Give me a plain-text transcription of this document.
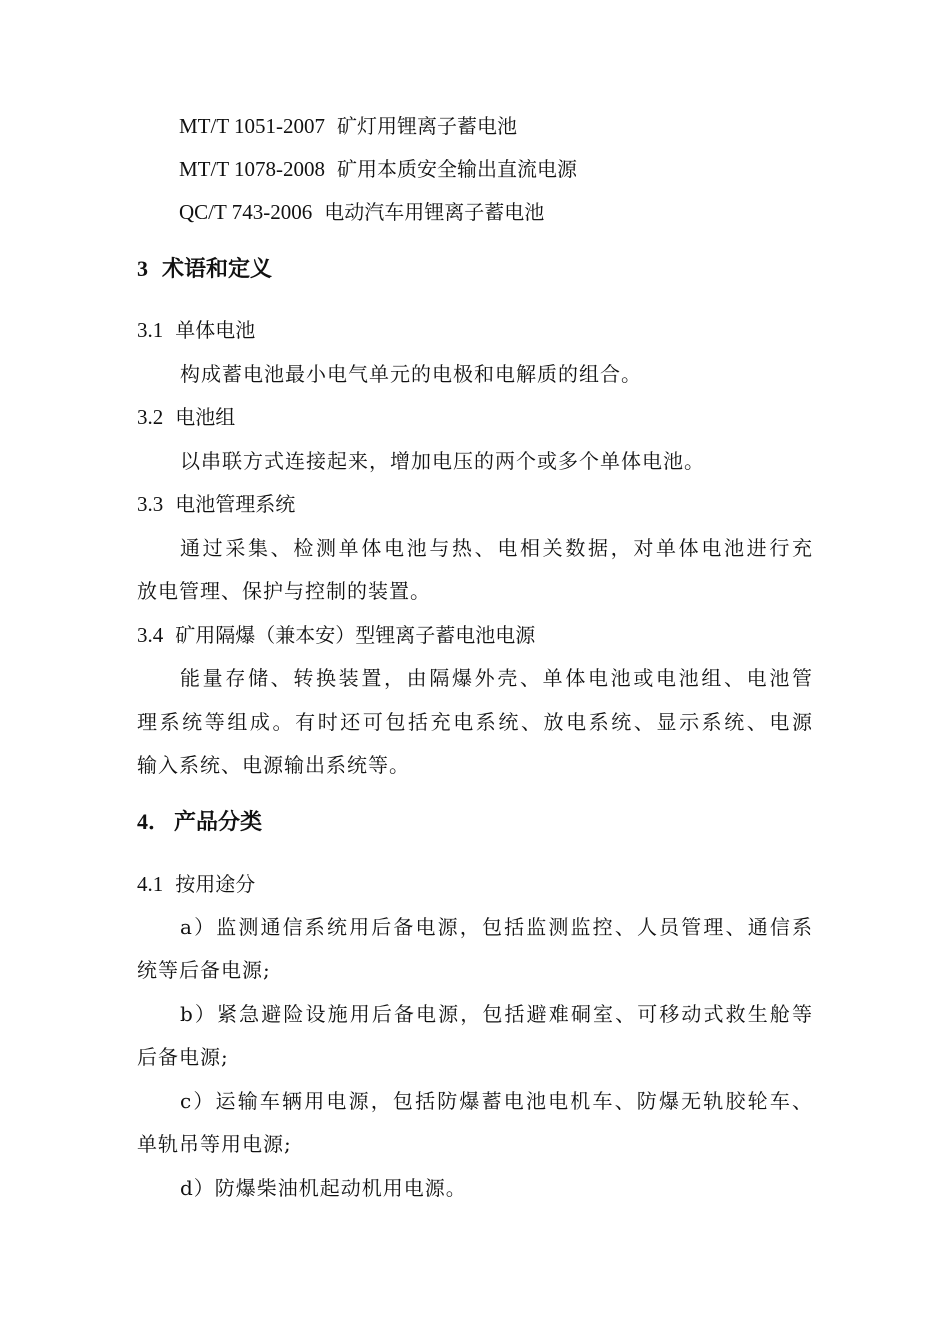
MT/T 1051-2007 矿灯用锂离子蓄电池
MT/T 1078-2008 矿用本质安全输出直流电源
QC/T 743-2006 电动汽车用锂离子蓄电池
3 术语和定义
3.1 单体电池
构成蓄电池最小电气单元的电极和电解质的组合。
3.2 电池组
以串联方式连接起来，增加电压的两个或多个单体电池。
3.3 电池管理系统
通过采集、检测单体电池与热、电相关数据，对单体电池进行充
放电管理、保护与控制的装置。
3.4 矿用隔爆（兼本安）型锂离子蓄电池电源
能量存储、转换装置，由隔爆外壳、单体电池或电池组、电池管
理系统等组成。有时还可包括充电系统、放电系统、显示系统、电源
输入系统、电源输出系统等。
4． 产品分类
4.1 按用途分
a）监测通信系统用后备电源，包括监测监控、人员管理、通信系
统等后备电源;
b）紧急避险设施用后备电源，包括避难硐室、可移动式救生舱等
后备电源;
c）运输车辆用电源，包括防爆蓄电池电机车、防爆无轨胶轮车、
单轨吊等用电源;
d）防爆柴油机起动机用电源。
